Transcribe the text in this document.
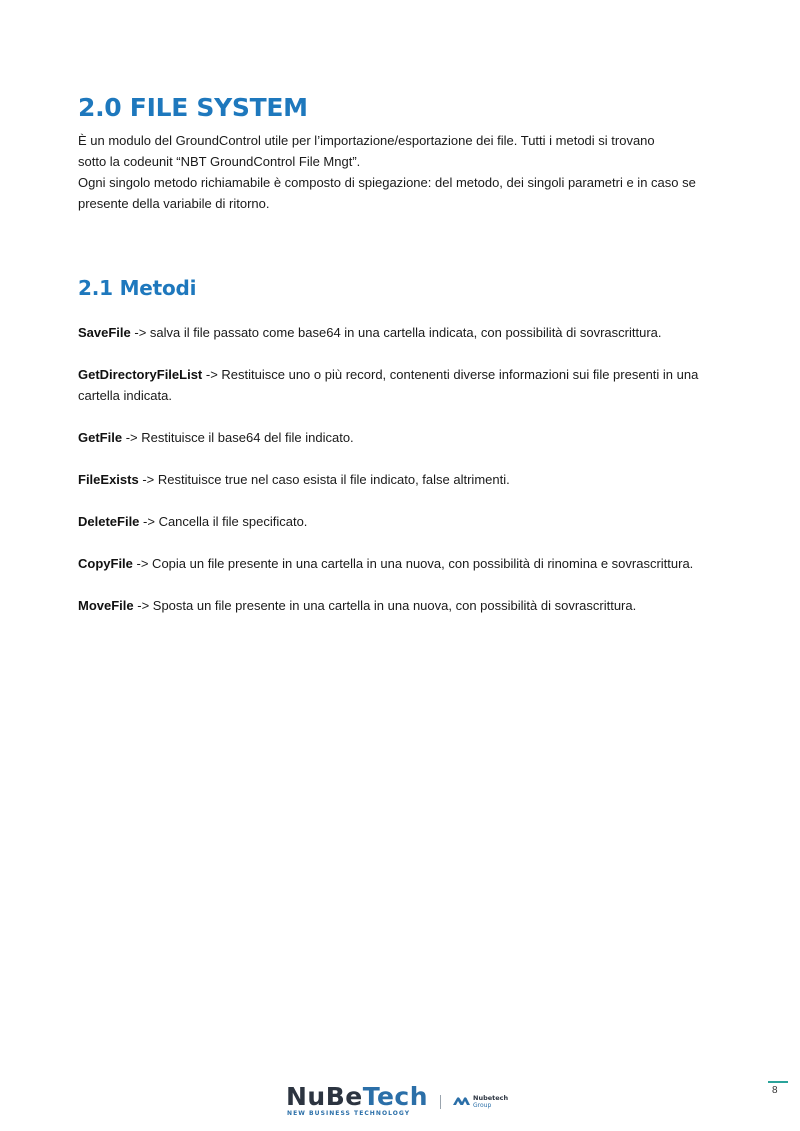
2.0 FILE SYSTEM

È un modulo del GroundControl utile per l’importazione/esportazione dei file. Tutti i metodi si trovano

sotto la codeunit “NBT GroundControl File Mngt”.

Ogni singolo metodo richiamabile è composto di spiegazione: del metodo, dei singoli parametri e in caso se

presente della variabile di ritorno.

2.1 Metodi

SaveFile -> salva il file passato come base64 in una cartella indicata, con possibilità di sovrascrittura.

GetDirectoryFileList -> Restituisce uno o più record, contenenti diverse informazioni sui file presenti in una cartella indicata.

GetFile -> Restituisce il base64 del file indicato.

FileExists -> Restituisce true nel caso esista il file indicato, false altrimenti.

DeleteFile -> Cancella il file specificato.

CopyFile -> Copia un file presente in una cartella in una nuova, con possibilità di rinomina e sovrascrittura.

MoveFile -> Sposta un file presente in una cartella in una nuova, con possibilità di sovrascrittura.

NuBeTech
NEW BUSINESS TECHNOLOGY
Nubetech
Group
8
